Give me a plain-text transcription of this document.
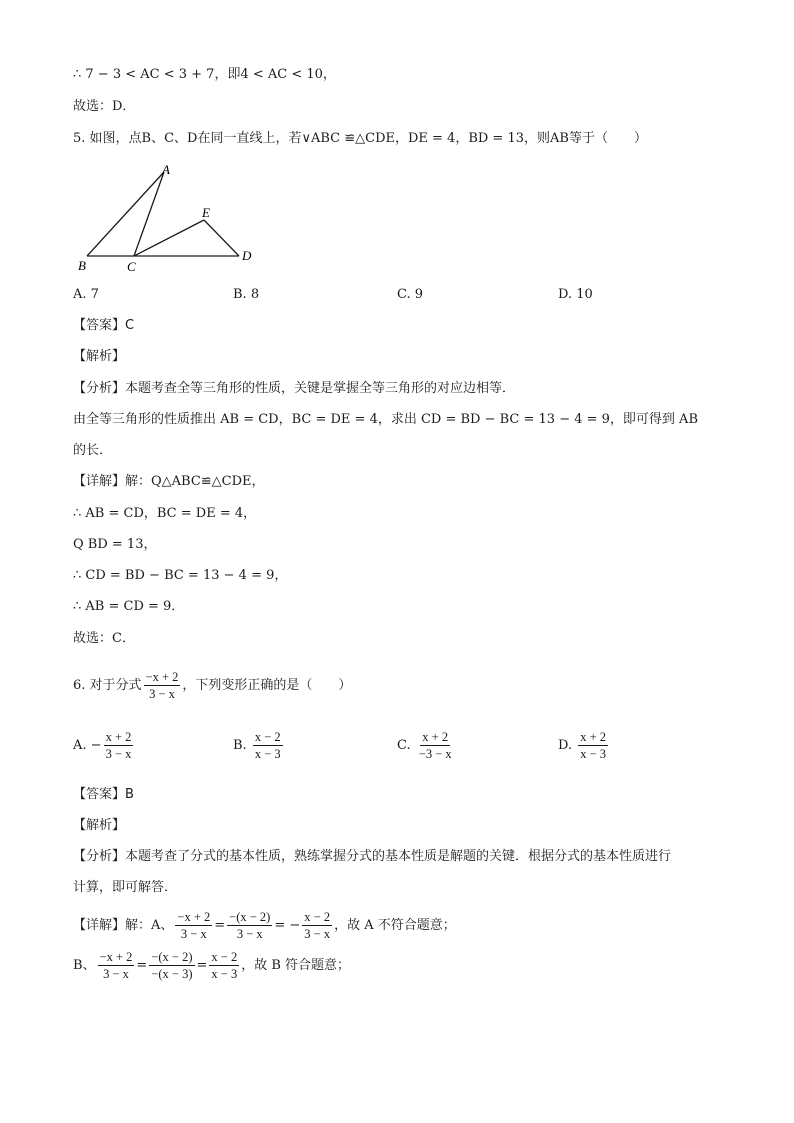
∴ 7 − 3 < AC < 3 + 7，即4 < AC < 10，
故选：D．
5. 如图，点B、C、D在同一直线上，若∨ABC ≌△CDE，DE = 4，BD = 13，则AB等于（　　）
A
B	C
D
E
A. 7	B. 8	C. 9	D. 10
【答案】C
【解析】
【分析】本题考查全等三角形的性质，关键是掌握全等三角形的对应边相等．
由全等三角形的性质推出 AB = CD，BC = DE = 4，求出 CD = BD − BC = 13 − 4 = 9，即可得到 AB
的长．
【详解】解：Q△ABC≌△CDE，
∴ AB = CD，BC = DE = 4，
Q BD = 13，
∴ CD = BD − BC = 13 − 4 = 9，
∴ AB = CD = 9．
故选：C．
6. 对于分式 $\frac{-x + 2}{3 - x}$ ，下列变形正确的是（　　）
A. − $\frac{x + 2}{3 - x}$	B. $\frac{x - 2}{x - 3}$	C. $\frac{x + 2}{-3 - x}$	D. $\frac{x + 2}{x - 3}$
【答案】B
【解析】
【分析】本题考查了分式的基本性质，熟练掌握分式的基本性质是解题的关键．根据分式的基本性质进行
计算，即可解答．
【详解】解：A、 $\frac{-x + 2}{3 - x} = \frac{-(x - 2)}{3 - x}$ = − $\frac{x - 2}{3 - x}$ ，故 A 不符合题意；
B、 $\frac{-x + 2}{3 - x} = \frac{-(x - 2)}{-(x - 3)} = \frac{x - 2}{x - 3}$ ，故 B 符合题意；
